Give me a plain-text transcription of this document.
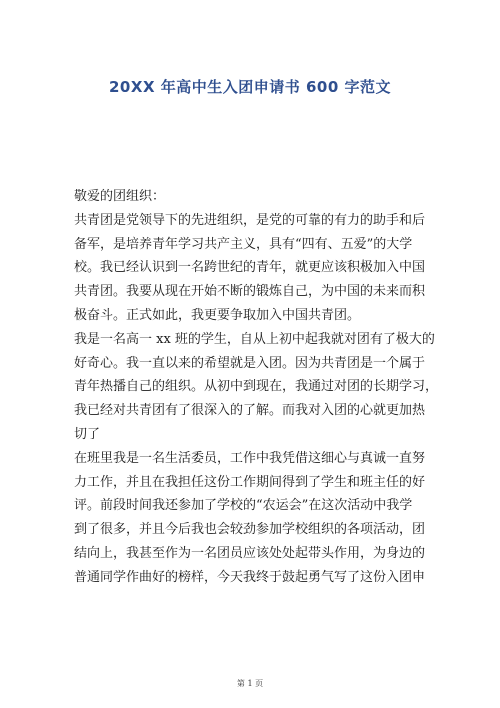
20XX 年高中生入团申请书 600 字范文

敬爱的团组织：

共青团是党领导下的先进组织，是党的可靠的有力的助手和后
备军，是培养青年学习共产主义，具有“四有、五爱”的大学
校。我已经认识到一名跨世纪的青年，就更应该积极加入中国
共青团。我要从现在开始不断的锻炼自己，为中国的未来而积
极奋斗。正式如此，我更要争取加入中国共青团。

我是一名高一 xx 班的学生，自从上初中起我就对团有了极大的
好奇心。我一直以来的希望就是入团。因为共青团是一个属于
青年热播自己的组织。从初中到现在，我通过对团的长期学习，
我已经对共青团有了很深入的了解。而我对入团的心就更加热
切了

在班里我是一名生活委员，工作中我凭借这细心与真诚一直努
力工作，并且在我担任这份工作期间得到了学生和班主任的好
评。前段时间我还参加了学校的“农运会”在这次活动中我学
到了很多，并且今后我也会较劲参加学校组织的各项活动，团
结向上，我甚至作为一名团员应该处处起带头作用，为身边的
普通同学作曲好的榜样，今天我终于鼓起勇气写了这份入团申

第 1 页
